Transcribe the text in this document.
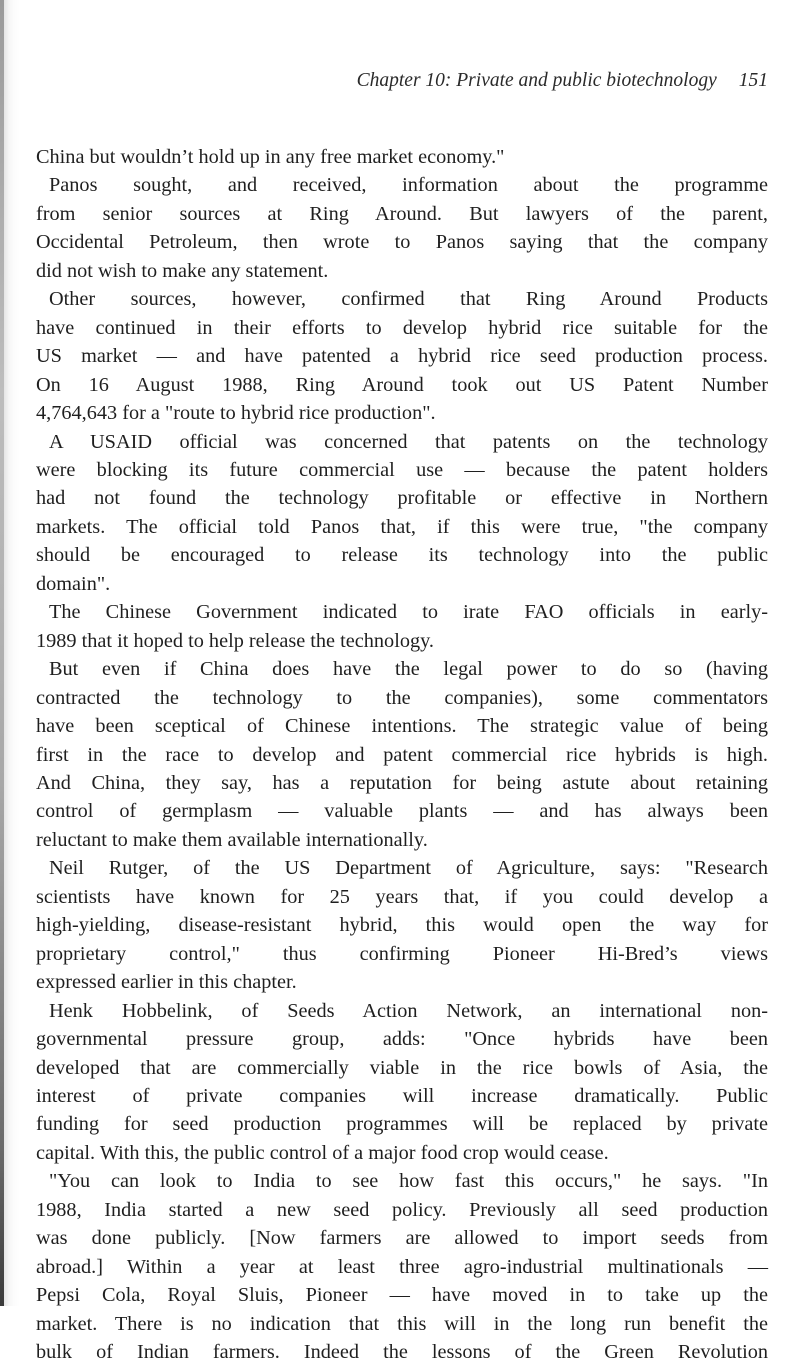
Chapter 10: Private and public biotechnology 151

China but wouldn’t hold up in any free market economy."

Panos sought, and received, information about the programme

from senior sources at Ring Around. But lawyers of the parent,

Occidental Petroleum, then wrote to Panos saying that the company

did not wish to make any statement.

Other sources, however, confirmed that Ring Around Products

have continued in their efforts to develop hybrid rice suitable for the

US market — and have patented a hybrid rice seed production process.

On 16 August 1988, Ring Around took out US Patent Number

4,764,643 for a "route to hybrid rice production".

A USAID official was concerned that patents on the technology

were blocking its future commercial use — because the patent holders

had not found the technology profitable or effective in Northern

markets. The official told Panos that, if this were true, "the company

should be encouraged to release its technology into the public

domain".

The Chinese Government indicated to irate FAO officials in early-

1989 that it hoped to help release the technology.

But even if China does have the legal power to do so (having

contracted the technology to the companies), some commentators

have been sceptical of Chinese intentions. The strategic value of being

first in the race to develop and patent commercial rice hybrids is high.

And China, they say, has a reputation for being astute about retaining

control of germplasm — valuable plants — and has always been

reluctant to make them available internationally.

Neil Rutger, of the US Department of Agriculture, says: "Research

scientists have known for 25 years that, if you could develop a

high-yielding, disease-resistant hybrid, this would open the way for

proprietary control," thus confirming Pioneer Hi-Bred’s views

expressed earlier in this chapter.

Henk Hobbelink, of Seeds Action Network, an international non-

governmental pressure group, adds: "Once hybrids have been

developed that are commercially viable in the rice bowls of Asia, the

interest of private companies will increase dramatically. Public

funding for seed production programmes will be replaced by private

capital. With this, the public control of a major food crop would cease.

"You can look to India to see how fast this occurs," he says. "In

1988, India started a new seed policy. Previously all seed production

was done publicly. [Now farmers are allowed to import seeds from

abroad.] Within a year at least three agro-industrial multinationals —

Pepsi Cola, Royal Sluis, Pioneer — have moved in to take up the

market. There is no indication that this will in the long run benefit the

bulk of Indian farmers. Indeed the lessons of the Green Revolution
